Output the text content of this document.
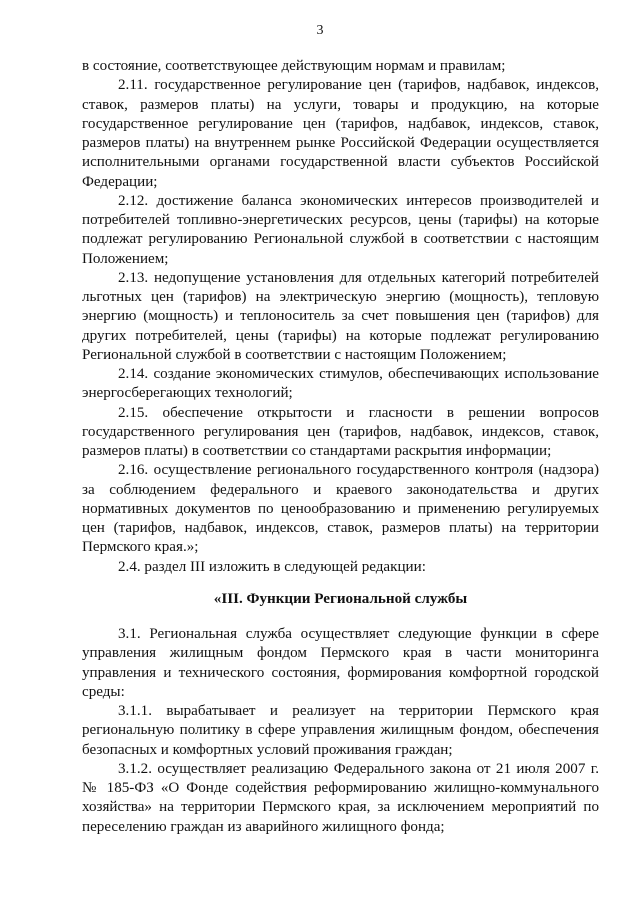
3

в состояние, соответствующее действующим нормам и правилам;

2.11. государственное регулирование цен (тарифов, надбавок, индексов, ставок, размеров платы) на услуги, товары и продукцию, на которые государственное регулирование цен (тарифов, надбавок, индексов, ставок, размеров платы) на внутреннем рынке Российской Федерации осуществляется исполнительными органами государственной власти субъектов Российской Федерации;

2.12. достижение баланса экономических интересов производителей и потребителей топливно-энергетических ресурсов, цены (тарифы) на которые подлежат регулированию Региональной службой в соответствии с настоящим Положением;

2.13. недопущение установления для отдельных категорий потребителей льготных цен (тарифов) на электрическую энергию (мощность), тепловую энергию (мощность) и теплоноситель за счет повышения цен (тарифов) для других потребителей, цены (тарифы) на которые подлежат регулированию Региональной службой в соответствии с настоящим Положением;

2.14. создание экономических стимулов, обеспечивающих использование энергосберегающих технологий;

2.15. обеспечение открытости и гласности в решении вопросов государственного регулирования цен (тарифов, надбавок, индексов, ставок, размеров платы) в соответствии со стандартами раскрытия информации;

2.16. осуществление регионального государственного контроля (надзора) за соблюдением федерального и краевого законодательства и других нормативных документов по ценообразованию и применению регулируемых цен (тарифов, надбавок, индексов, ставок, размеров платы) на территории Пермского края.»;

2.4. раздел III изложить в следующей редакции:

«III. Функции Региональной службы

3.1. Региональная служба осуществляет следующие функции в сфере управления жилищным фондом Пермского края в части мониторинга управления и технического состояния, формирования комфортной городской среды:

3.1.1. вырабатывает и реализует на территории Пермского края региональную политику в сфере управления жилищным фондом, обеспечения безопасных и комфортных условий проживания граждан;

3.1.2. осуществляет реализацию Федерального закона от 21 июля 2007 г. № 185-ФЗ «О Фонде содействия реформированию жилищно-коммунального хозяйства» на территории Пермского края, за исключением мероприятий по переселению граждан из аварийного жилищного фонда;
